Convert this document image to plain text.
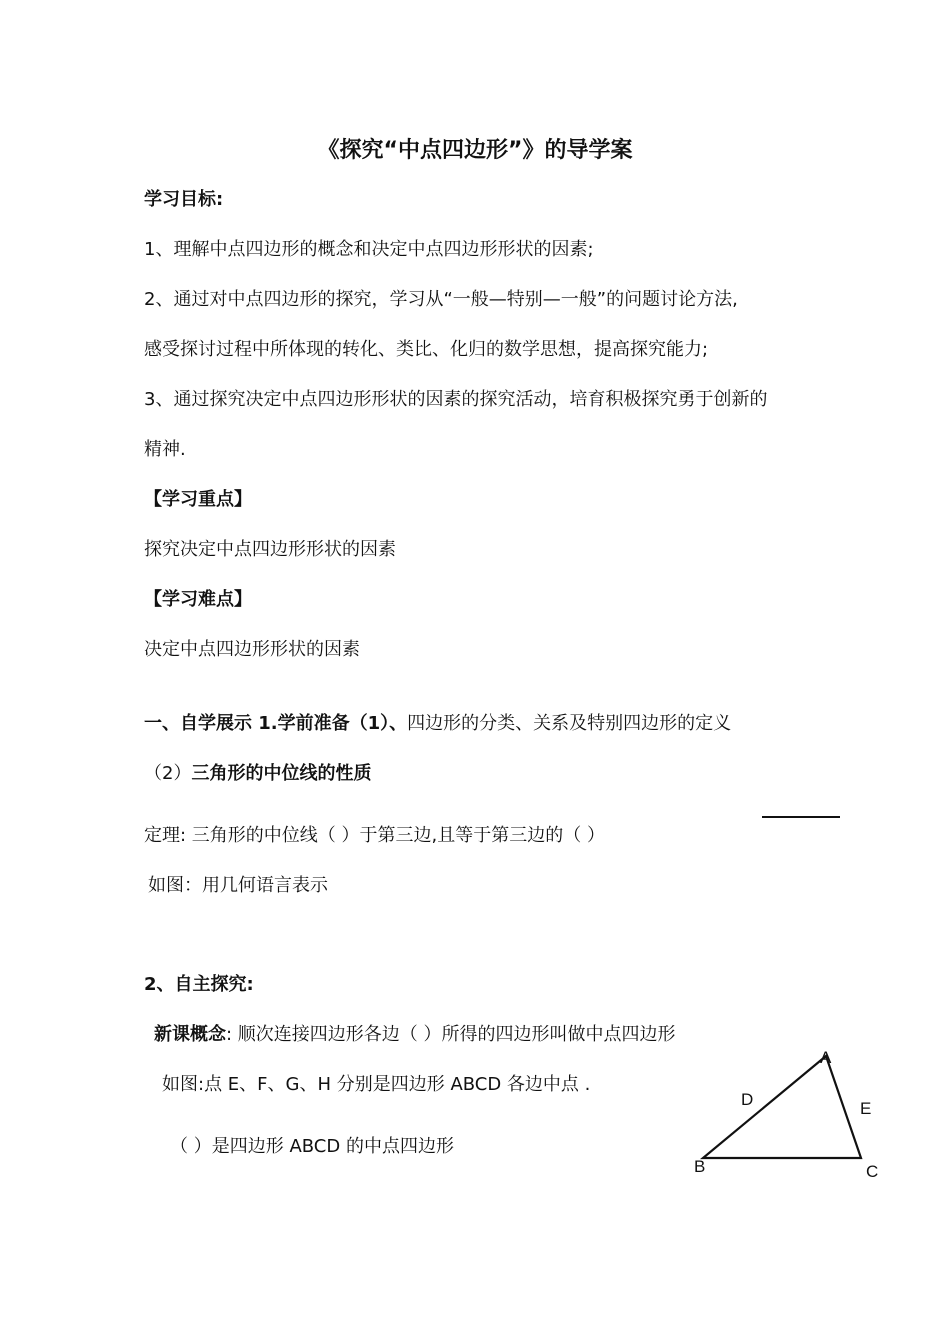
《探究“中点四边形”》的导学案
学习目标:
1、理解中点四边形的概念和决定中点四边形形状的因素;
2、通过对中点四边形的探究，学习从“一般—特别—一般”的问题讨论方法,
感受探讨过程中所体现的转化、类比、化归的数学思想，提高探究能力;
3、通过探究决定中点四边形形状的因素的探究活动，培育积极探究勇于创新的
精神.
【学习重点】
探究决定中点四边形形状的因素
【学习难点】
决定中点四边形形状的因素
一、自学展示 1.学前准备（1）、四边形的分类、关系及特别四边形的定义
（2）三角形的中位线的性质
定理: 三角形的中位线（ ）于第三边,且等于第三边的（ ）
如图：用几何语言表示
2、自主探究:
新课概念: 顺次连接四边形各边（ ）所得的四边形叫做中点四边形
如图:点 E、F、G、H 分别是四边形 ABCD 各边中点 .
（ ）是四边形 ABCD 的中点四边形
A
B	C
D	E
